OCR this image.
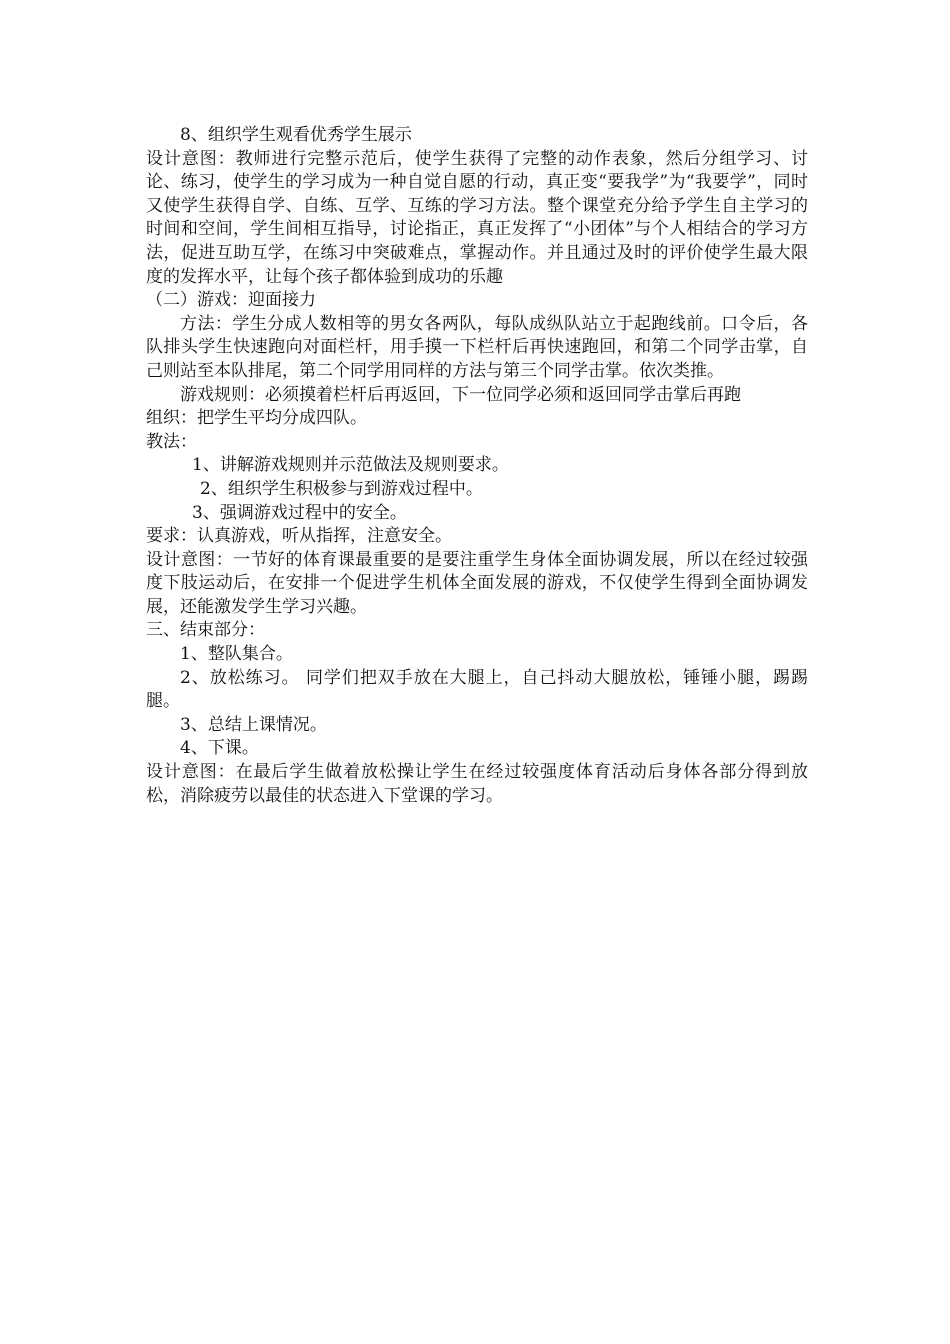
8、组织学生观看优秀学生展示

设计意图：教师进行完整示范后，使学生获得了完整的动作表象，然后分组学习、讨论、练习，使学生的学习成为一种自觉自愿的行动，真正变“要我学”为“我要学”，同时又使学生获得自学、自练、互学、互练的学习方法。整个课堂充分给予学生自主学习的时间和空间，学生间相互指导，讨论指正，真正发挥了“小团体”与个人相结合的学习方法，促进互助互学，在练习中突破难点，掌握动作。并且通过及时的评价使学生最大限度的发挥水平，让每个孩子都体验到成功的乐趣

（二）游戏：迎面接力

方法：学生分成人数相等的男女各两队，每队成纵队站立于起跑线前。口令后，各队排头学生快速跑向对面栏杆，用手摸一下栏杆后再快速跑回，和第二个同学击掌，自己则站至本队排尾，第二个同学用同样的方法与第三个同学击掌。依次类推。

游戏规则：必须摸着栏杆后再返回，下一位同学必须和返回同学击掌后再跑

组织：把学生平均分成四队。

教法：

1、讲解游戏规则并示范做法及规则要求。

2、组织学生积极参与到游戏过程中。

3、强调游戏过程中的安全。

要求：认真游戏，听从指挥，注意安全。

设计意图：一节好的体育课最重要的是要注重学生身体全面协调发展，所以在经过较强度下肢运动后，在安排一个促进学生机体全面发展的游戏，不仅使学生得到全面协调发展，还能激发学生学习兴趣。

三、结束部分：

1、整队集合。

2、放松练习。 同学们把双手放在大腿上，自己抖动大腿放松，锤锤小腿，踢踢腿。

3、总结上课情况。

4、下课。

设计意图：在最后学生做着放松操让学生在经过较强度体育活动后身体各部分得到放松，消除疲劳以最佳的状态进入下堂课的学习。
